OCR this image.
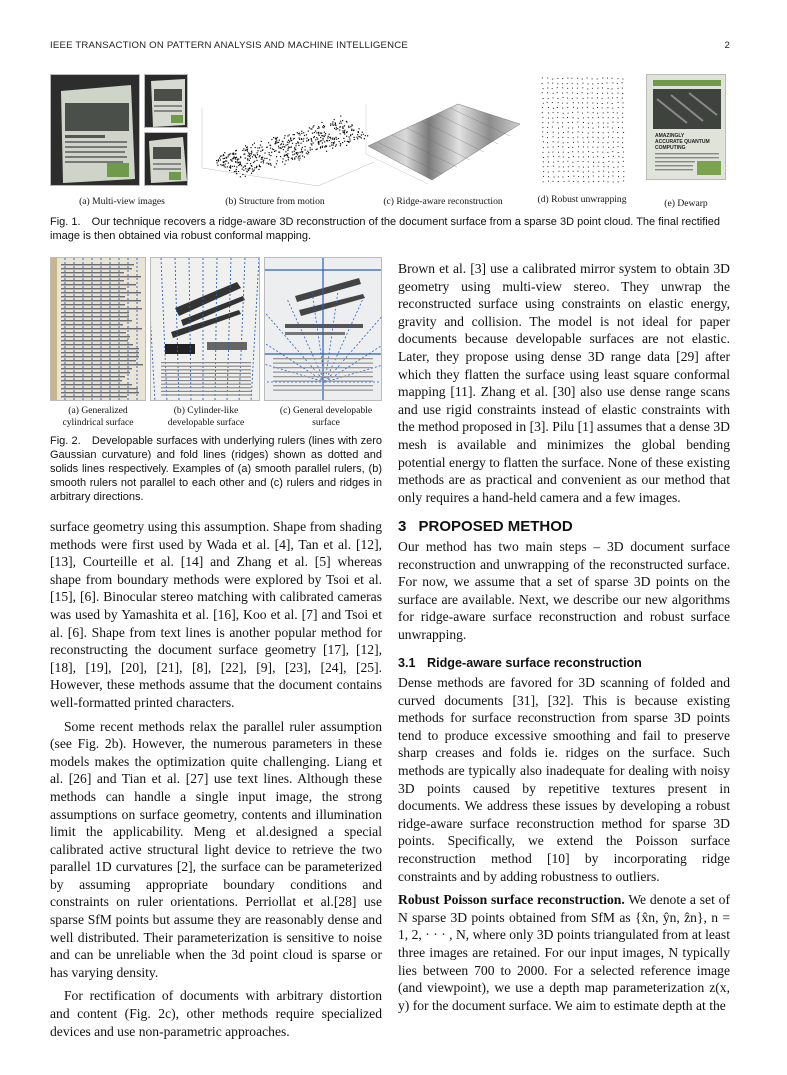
IEEE TRANSACTION ON PATTERN ANALYSIS AND MACHINE INTELLIGENCE	2
AMAZINGLY
ACCURATE QUANTUM
COMPUTING
(a) Multi-view images	(b) Structure from motion	(c) Ridge-aware reconstruction	(d) Robust unwrapping	(e) Dewarp
Fig. 1. Our technique recovers a ridge-aware 3D reconstruction of the document surface from a sparse 3D point cloud. The final rectified image is then obtained via robust conformal mapping.
(a) Generalized cylindrical surface
(b) Cylinder-like developable surface
(c) General developable surface
Fig. 2. Developable surfaces with underlying rulers (lines with zero Gaussian curvature) and fold lines (ridges) shown as dotted and solids lines respectively. Examples of (a) smooth parallel rulers, (b) smooth rulers not parallel to each other and (c) rulers and ridges in arbitrary directions.

surface geometry using this assumption. Shape from shading methods were first used by Wada et al. [4], Tan et al. [12], [13], Courteille et al. [14] and Zhang et al. [5] whereas shape from boundary methods were explored by Tsoi et al. [15], [6]. Binocular stereo matching with calibrated cameras was used by Yamashita et al. [16], Koo et al. [7] and Tsoi et al. [6]. Shape from text lines is another popular method for reconstructing the document surface geometry [17], [12], [18], [19], [20], [21], [8], [22], [9], [23], [24], [25]. However, these methods assume that the document contains well-formatted printed characters.

Some recent methods relax the parallel ruler assumption (see Fig. 2b). However, the numerous parameters in these models makes the optimization quite challenging. Liang et al. [26] and Tian et al. [27] use text lines. Although these methods can handle a single input image, the strong assumptions on surface geometry, contents and illumination limit the applicability. Meng et al.designed a special calibrated active structural light device to retrieve the two parallel 1D curvatures [2], the surface can be parameterized by assuming appropriate boundary conditions and constraints on ruler orientations. Perriollat et al.[28] use sparse SfM points but assume they are reasonably dense and well distributed. Their parameterization is sensitive to noise and can be unreliable when the 3d point cloud is sparse or has varying density.

For rectification of documents with arbitrary distortion and content (Fig. 2c), other methods require specialized devices and use non-parametric approaches.

Brown et al. [3] use a calibrated mirror system to obtain 3D geometry using multi-view stereo. They unwrap the reconstructed surface using constraints on elastic energy, gravity and collision. The model is not ideal for paper documents because developable surfaces are not elastic. Later, they propose using dense 3D range data [29] after which they flatten the surface using least square conformal mapping [11]. Zhang et al. [30] also use dense range scans and use rigid constraints instead of elastic constraints with the method proposed in [3]. Pilu [1] assumes that a dense 3D mesh is available and minimizes the global bending potential energy to flatten the surface. None of these existing methods are as practical and convenient as our method that only requires a hand-held camera and a few images.

3 PROPOSED METHOD

Our method has two main steps – 3D document surface reconstruction and unwrapping of the reconstructed surface. For now, we assume that a set of sparse 3D points on the surface are available. Next, we describe our new algorithms for ridge-aware surface reconstruction and robust surface unwrapping.

3.1 Ridge-aware surface reconstruction

Dense methods are favored for 3D scanning of folded and curved documents [31], [32]. This is because existing methods for surface reconstruction from sparse 3D points tend to produce excessive smoothing and fail to preserve sharp creases and folds ie. ridges on the surface. Such methods are typically also inadequate for dealing with noisy 3D points caused by repetitive textures present in documents. We address these issues by developing a robust ridge-aware surface reconstruction method for sparse 3D points. Specifically, we extend the Poisson surface reconstruction method [10] by incorporating ridge constraints and by adding robustness to outliers.

Robust Poisson surface reconstruction. We denote a set of N sparse 3D points obtained from SfM as {x̂n, ŷn, ẑn}, n = 1, 2, · · · , N, where only 3D points triangulated from at least three images are retained. For our input images, N typically lies between 700 to 2000. For a selected reference image (and viewpoint), we use a depth map parameterization z(x, y) for the document surface. We aim to estimate depth at the
